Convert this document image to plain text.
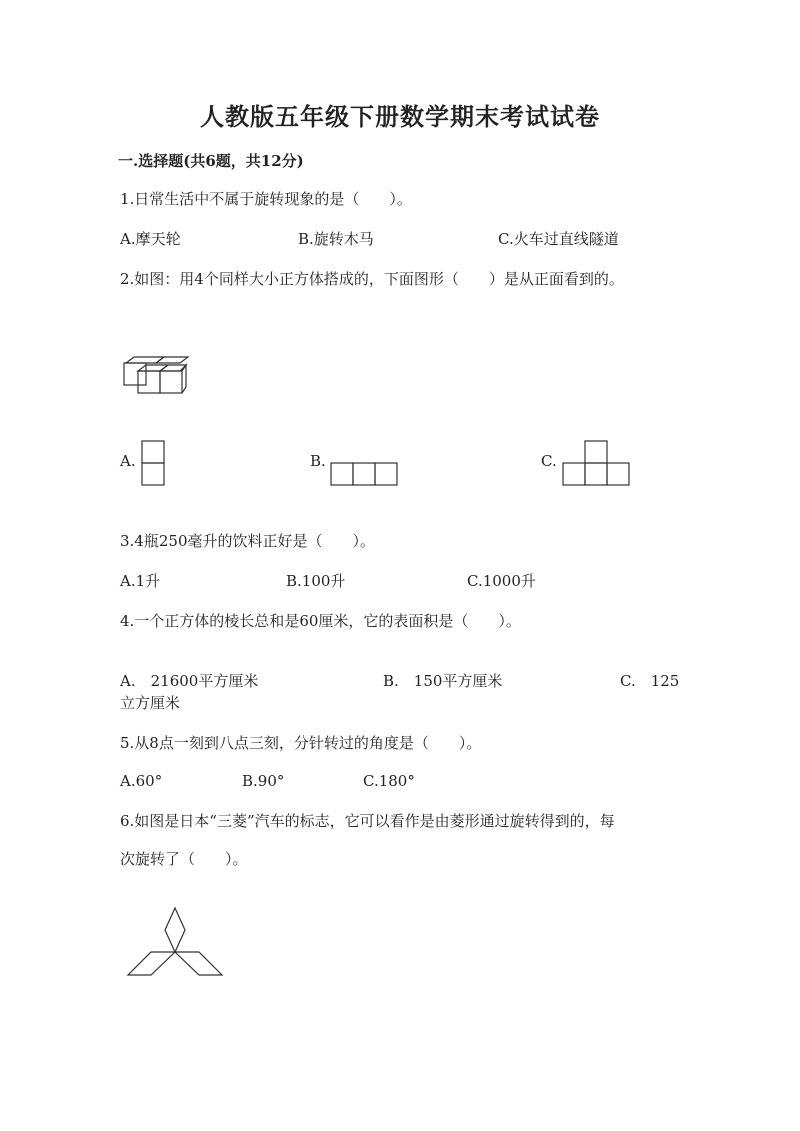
人教版五年级下册数学期末考试试卷
一.选择题(共6题，共12分)
1.日常生活中不属于旋转现象的是（　　）。
A.摩天轮	B.旋转木马	C.火车过直线隧道
2.如图：用4个同样大小正方体搭成的，下面图形（　　）是从正面看到的。
A.	B.	C.
3.4瓶250毫升的饮料正好是（　　）。
A.1升	B.100升	C.1000升
4.一个正方体的棱长总和是60厘米，它的表面积是（　　）。
A.　21600平方厘米	B.　150平方厘米	C.　125
立方厘米
5.从8点一刻到八点三刻，分针转过的角度是（　　）。
A.60°	B.90°	C.180°
6.如图是日本“三菱”汽车的标志，它可以看作是由菱形通过旋转得到的，每
次旋转了（　　）。
